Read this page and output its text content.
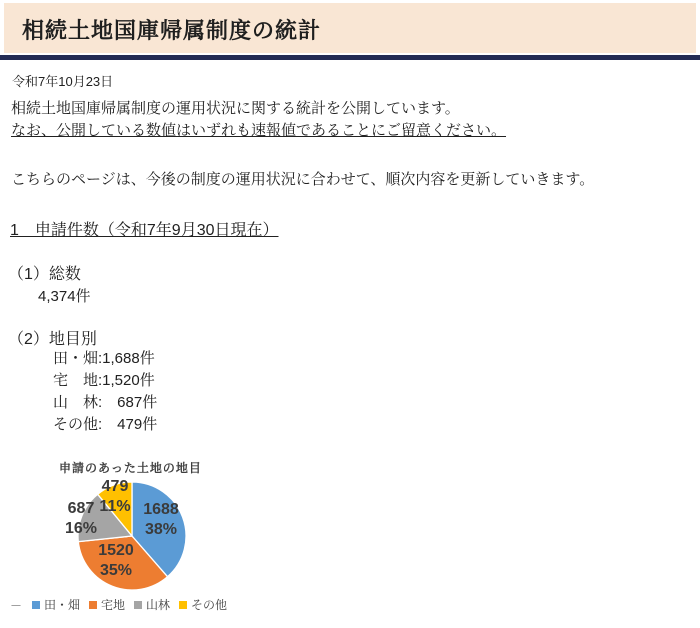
相続土地国庫帰属制度の統計
令和7年10月23日
相続土地国庫帰属制度の運用状況に関する統計を公開しています。
なお、公開している数値はいずれも速報値であることにご留意ください。
こちらのページは、今後の制度の運用状況に合わせて、順次内容を更新していきます。
1　申請件数（令和7年9月30日現在）
（1）総数
4,374件
（2）地目別
田・畑:1,688件
宅　地:1,520件
山　林:　687件
その他:　479件
申請のあった土地の地目
1688
38%
1520
35%
687
16%
479
11%
－ 田・畑 宅地 山林 その他
